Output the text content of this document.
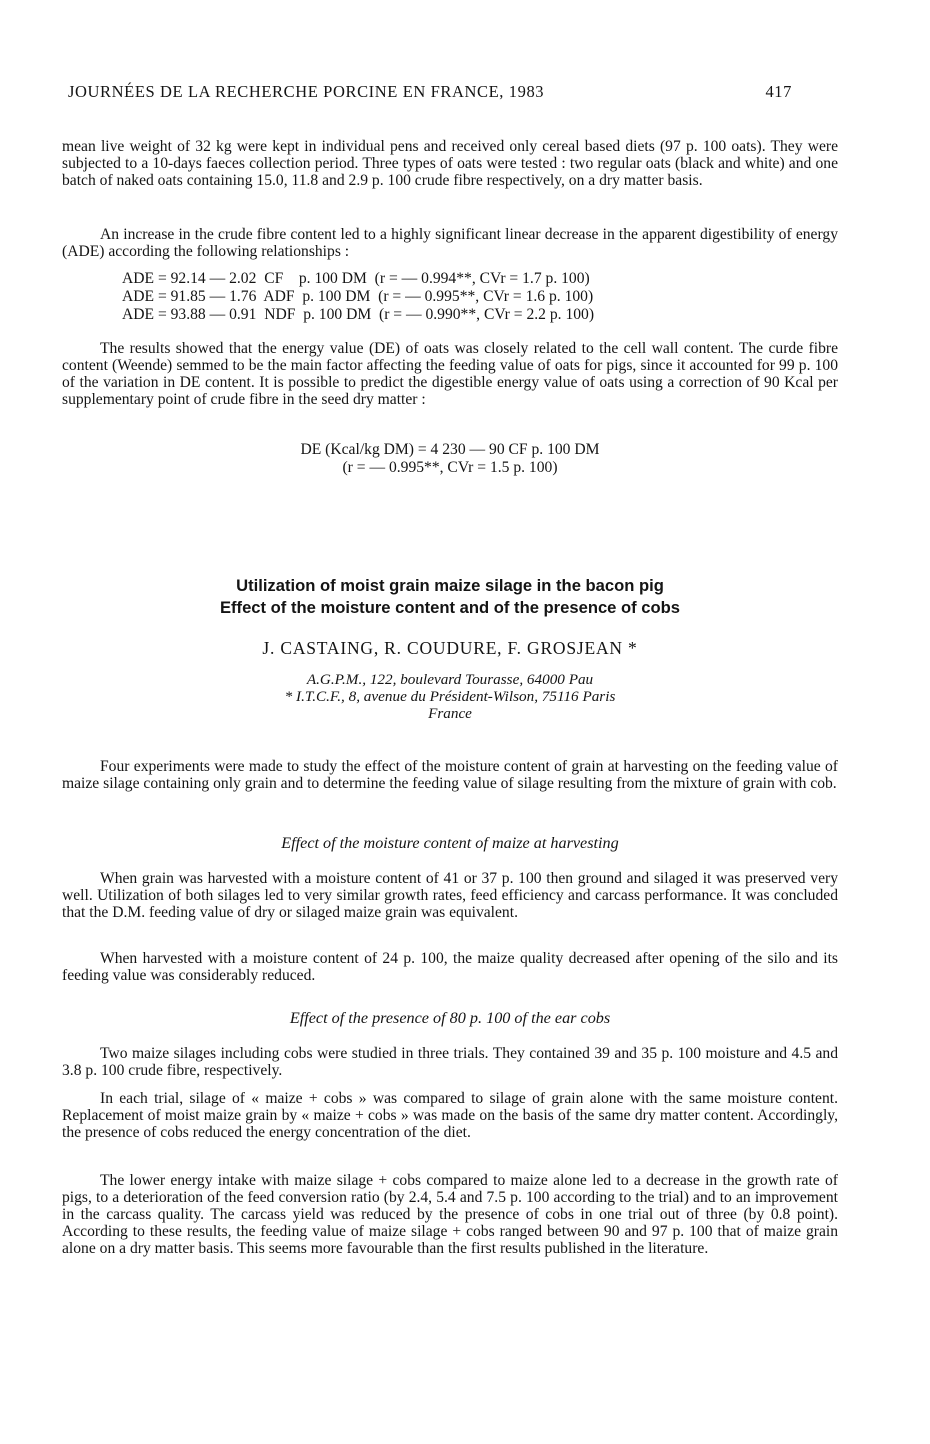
JOURNÉES DE LA RECHERCHE PORCINE EN FRANCE, 1983	417

mean live weight of 32 kg were kept in individual pens and received only cereal based diets (97 p. 100 oats). They were subjected to a 10-days faeces collection period. Three types of oats were tested : two regular oats (black and white) and one batch of naked oats containing 15.0, 11.8 and 2.9 p. 100 crude fibre respectively, on a dry matter basis.

An increase in the crude fibre content led to a highly significant linear decrease in the apparent digestibility of energy (ADE) according the following relationships :

ADE = 92.14 — 2.02  CF    p. 100 DM  (r = — 0.994**, CVr = 1.7 p. 100)
ADE = 91.85 — 1.76  ADF  p. 100 DM  (r = — 0.995**, CVr = 1.6 p. 100)
ADE = 93.88 — 0.91  NDF  p. 100 DM  (r = — 0.990**, CVr = 2.2 p. 100)

The results showed that the energy value (DE) of oats was closely related to the cell wall content. The curde fibre content (Weende) semmed to be the main factor affecting the feeding value of oats for pigs, since it accounted for 99 p. 100 of the variation in DE content. It is possible to predict the digestible energy value of oats using a correction of 90 Kcal per supplementary point of crude fibre in the seed dry matter :

DE (Kcal/kg DM) = 4 230 — 90 CF p. 100 DM
(r = — 0.995**, CVr = 1.5 p. 100)
Utilization of moist grain maize silage in the bacon pig
Effect of the moisture content and of the presence of cobs
J. CASTAING, R. COUDURE, F. GROSJEAN *
A.G.P.M., 122, boulevard Tourasse, 64000 Pau
* I.T.C.F., 8, avenue du Président-Wilson, 75116 Paris
France

Four experiments were made to study the effect of the moisture content of grain at harvesting on the feeding value of maize silage containing only grain and to determine the feeding value of silage resulting from the mixture of grain with cob.

Effect of the moisture content of maize at harvesting

When grain was harvested with a moisture content of 41 or 37 p. 100 then ground and silaged it was preserved very well. Utilization of both silages led to very similar growth rates, feed efficiency and carcass performance. It was concluded that the D.M. feeding value of dry or silaged maize grain was equivalent.

When harvested with a moisture content of 24 p. 100, the maize quality decreased after opening of the silo and its feeding value was considerably reduced.

Effect of the presence of 80 p. 100 of the ear cobs

Two maize silages including cobs were studied in three trials. They contained 39 and 35 p. 100 moisture and 4.5 and 3.8 p. 100 crude fibre, respectively.

In each trial, silage of « maize + cobs » was compared to silage of grain alone with the same moisture content. Replacement of moist maize grain by « maize + cobs » was made on the basis of the same dry matter content. Accordingly, the presence of cobs reduced the energy concentration of the diet.

The lower energy intake with maize silage + cobs compared to maize alone led to a decrease in the growth rate of pigs, to a deterioration of the feed conversion ratio (by 2.4, 5.4 and 7.5 p. 100 according to the trial) and to an improvement in the carcass quality. The carcass yield was reduced by the presence of cobs in one trial out of three (by 0.8 point). According to these results, the feeding value of maize silage + cobs ranged between 90 and 97 p. 100 that of maize grain alone on a dry matter basis. This seems more favourable than the first results published in the literature.
